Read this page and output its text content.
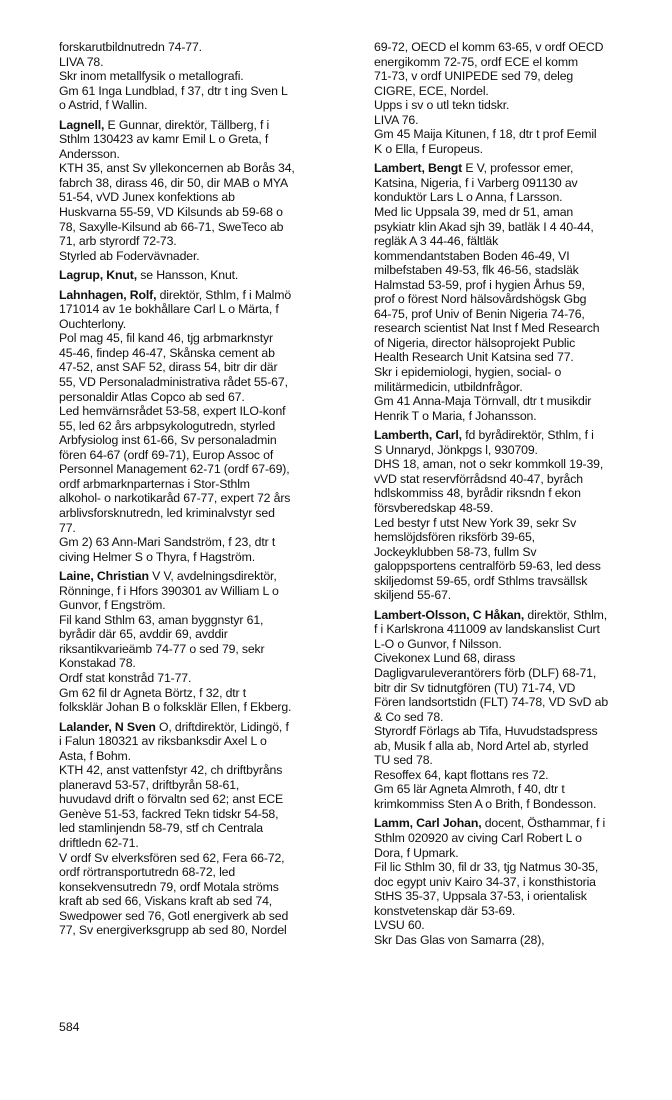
forskarutbildnutredn 74-77.
LIVA 78.
Skr inom metallfysik o metallografi.
Gm 61 Inga Lundblad, f 37, dtr t ing Sven L
o Astrid, f Wallin.
Lagnell, E Gunnar, direktör, Tällberg, f i
Sthlm 130423 av kamr Emil L o Greta, f
Andersson.
KTH 35, anst Sv yllekoncernen ab Borås 34,
fabrch 38, dirass 46, dir 50, dir MAB o MYA
51-54, vVD Junex konfektions ab
Huskvarna 55-59, VD Kilsunds ab 59-68 o
78, Saxylle-Kilsund ab 66-71, SweTeco ab
71, arb styrordf 72-73.
Styrled ab Fodervävnader.
Lagrup, Knut, se Hansson, Knut.
Lahnhagen, Rolf, direktör, Sthlm, f i Malmö
171014 av 1e bokhållare Carl L o Märta, f
Ouchterlony.
Pol mag 45, fil kand 46, tjg arbmarknstyr
45-46, findep 46-47, Skånska cement ab
47-52, anst SAF 52, dirass 54, bitr dir där
55, VD Personaladministrativa rådet 55-67,
personaldir Atlas Copco ab sed 67.
Led hemvärnsrådet 53-58, expert ILO-konf
55, led 62 års arbpsykologutredn, styrled
Arbfysiolog inst 61-66, Sv personaladmin
fören 64-67 (ordf 69-71), Europ Assoc of
Personnel Management 62-71 (ordf 67-69),
ordf arbmarknparternas i Stor-Sthlm
alkohol- o narkotikaråd 67-77, expert 72 års
arblivsforsknutredn, led kriminalvstyr sed
77.
Gm 2) 63 Ann-Mari Sandström, f 23, dtr t
civing Helmer S o Thyra, f Hagström.
Laine, Christian V V, avdelningsdirektör,
Rönninge, f i Hfors 390301 av William L o
Gunvor, f Engström.
Fil kand Sthlm 63, aman byggnstyr 61,
byrådir där 65, avddir 69, avddir
riksantikvarieämb 74-77 o sed 79, sekr
Konstakad 78.
Ordf stat konstråd 71-77.
Gm 62 fil dr Agneta Börtz, f 32, dtr t
folksklär Johan B o folksklär Ellen, f Ekberg.
Lalander, N Sven O, driftdirektör, Lidingö, f
i Falun 180321 av riksbanksdir Axel L o
Asta, f Bohm.
KTH 42, anst vattenfstyr 42, ch driftbyråns
planeravd 53-57, driftbyrån 58-61,
huvudavd drift o förvaltn sed 62; anst ECE
Genève 51-53, fackred Tekn tidskr 54-58,
led stamlinjendn 58-79, stf ch Centrala
driftledn 62-71.
V ordf Sv elverksfören sed 62, Fera 66-72,
ordf rörtransportutredn 68-72, led
konsekvensutredn 79, ordf Motala ströms
kraft ab sed 66, Viskans kraft ab sed 74,
Swedpower sed 76, Gotl energiverk ab sed
77, Sv energiverksgrupp ab sed 80, Nordel
69-72, OECD el komm 63-65, v ordf OECD
energikomm 72-75, ordf ECE el komm
71-73, v ordf UNIPEDE sed 79, deleg
CIGRE, ECE, Nordel.
Upps i sv o utl tekn tidskr.
LIVA 76.
Gm 45 Maija Kitunen, f 18, dtr t prof Eemil
K o Ella, f Europeus.
Lambert, Bengt E V, professor emer,
Katsina, Nigeria, f i Varberg 091130 av
konduktör Lars L o Anna, f Larsson.
Med lic Uppsala 39, med dr 51, aman
psykiatr klin Akad sjh 39, batläk I 4 40-44,
regläk A 3 44-46, fältläk
kommendantstaben Boden 46-49, VI
milbefstaben 49-53, flk 46-56, stadsläk
Halmstad 53-59, prof i hygien Århus 59,
prof o förest Nord hälsovårdshögsk Gbg
64-75, prof Univ of Benin Nigeria 74-76,
research scientist Nat Inst f Med Research
of Nigeria, director hälsoprojekt Public
Health Research Unit Katsina sed 77.
Skr i epidemiologi, hygien, social- o
militärmedicin, utbildnfrågor.
Gm 41 Anna-Maja Törnvall, dtr t musikdir
Henrik T o Maria, f Johansson.
Lamberth, Carl, fd byrådirektör, Sthlm, f i
S Unnaryd, Jönkpgs l, 930709.
DHS 18, aman, not o sekr kommkoll 19-39,
vVD stat reservförrådsnd 40-47, byråch
hdlskommiss 48, byrådir riksndn f ekon
försvberedskap 48-59.
Led bestyr f utst New York 39, sekr Sv
hemslöjdsfören riksförb 39-65,
Jockeyklubben 58-73, fullm Sv
galoppsportens centralförb 59-63, led dess
skiljedomst 59-65, ordf Sthlms travsällsk
skiljend 55-67.
Lambert-Olsson, C Håkan, direktör, Sthlm,
f i Karlskrona 411009 av landskanslist Curt
L-O o Gunvor, f Nilsson.
Civekonex Lund 68, dirass
Dagligvaruleverantörers förb (DLF) 68-71,
bitr dir Sv tidnutgfören (TU) 71-74, VD
Fören landsortstidn (FLT) 74-78, VD SvD ab
& Co sed 78.
Styrordf Förlags ab Tifa, Huvudstadspress
ab, Musik f alla ab, Nord Artel ab, styrled
TU sed 78.
Resoffex 64, kapt flottans res 72.
Gm 65 lär Agneta Almroth, f 40, dtr t
krimkommiss Sten A o Brith, f Bondesson.
Lamm, Carl Johan, docent, Östhammar, f i
Sthlm 020920 av civing Carl Robert L o
Dora, f Upmark.
Fil lic Sthlm 30, fil dr 33, tjg Natmus 30-35,
doc egypt univ Kairo 34-37, i konsthistoria
StHS 35-37, Uppsala 37-53, i orientalisk
konstvetenskap där 53-69.
LVSU 60.
Skr Das Glas von Samarra (28),
584
